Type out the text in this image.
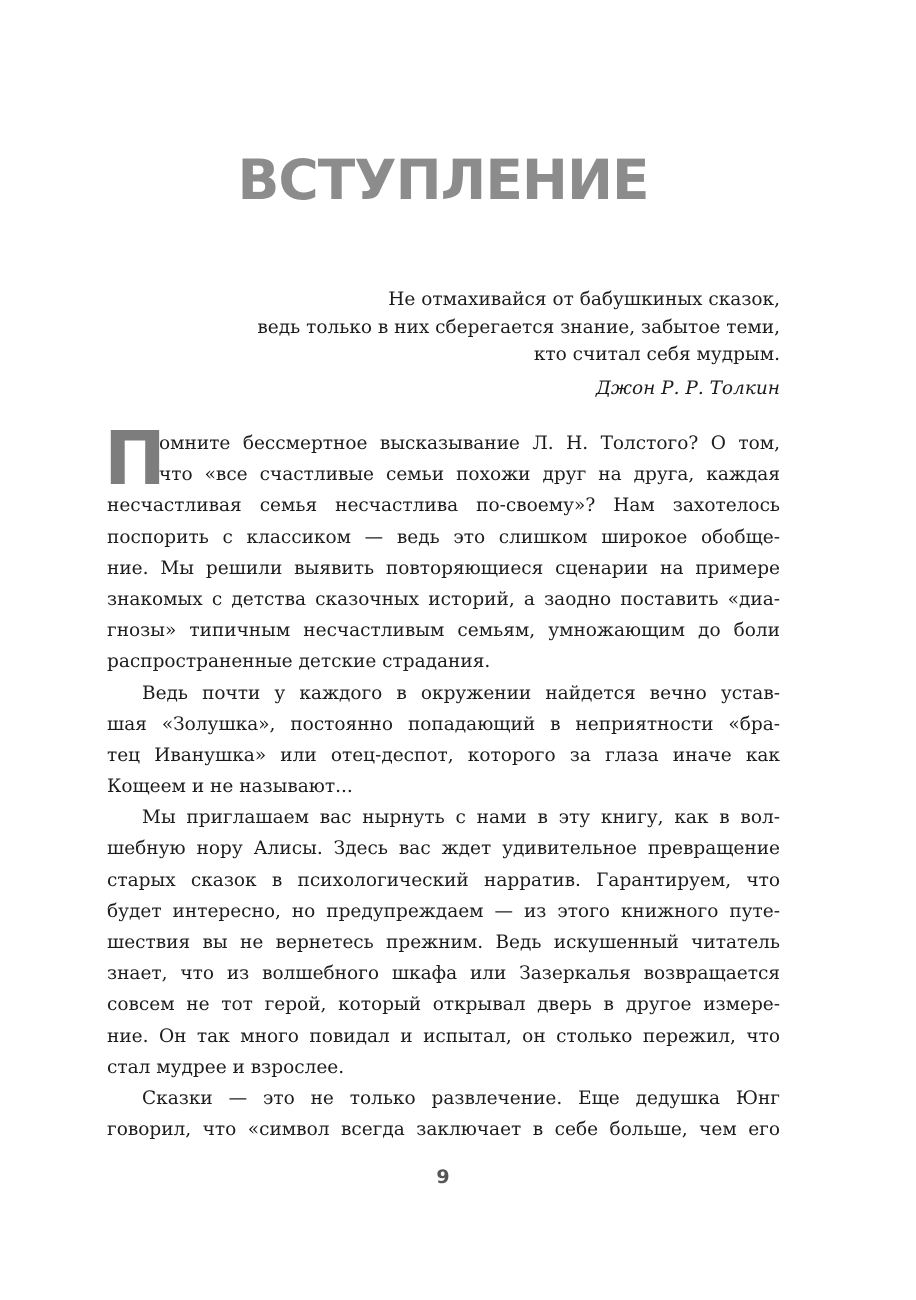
ВСТУПЛЕНИЕ
Не отмахивайся от бабушкиных сказок,
ведь только в них сберегается знание, забытое теми,
кто считал себя мудрым.
Джон Р. Р. Толкин
П
омните бессмертное высказывание Л. Н. Толстого? О том,
что «все счастливые семьи похожи друг на друга, каждая
несчастливая семья несчастлива по-своему»? Нам захотелось
поспорить с классиком — ведь это слишком широкое обобще-
ние. Мы решили выявить повторяющиеся сценарии на примере
знакомых с детства сказочных историй, а заодно поставить «диа-
гнозы» типичным несчастливым семьям, умножающим до боли
распространенные детские страдания.
Ведь почти у каждого в окружении найдется вечно устав-
шая «Золушка», постоянно попадающий в неприятности «бра-
тец Иванушка» или отец-деспот, которого за глаза иначе как
Кощеем и не называют...
Мы приглашаем вас нырнуть с нами в эту книгу, как в вол-
шебную нору Алисы. Здесь вас ждет удивительное превращение
старых сказок в психологический нарратив. Гарантируем, что
будет интересно, но предупреждаем — из этого книжного путе-
шествия вы не вернетесь прежним. Ведь искушенный читатель
знает, что из волшебного шкафа или Зазеркалья возвращается
совсем не тот герой, который открывал дверь в другое измере-
ние. Он так много повидал и испытал, он столько пережил, что
стал мудрее и взрослее.
Сказки — это не только развлечение. Еще дедушка Юнг
говорил, что «символ всегда заключает в себе больше, чем его
9
